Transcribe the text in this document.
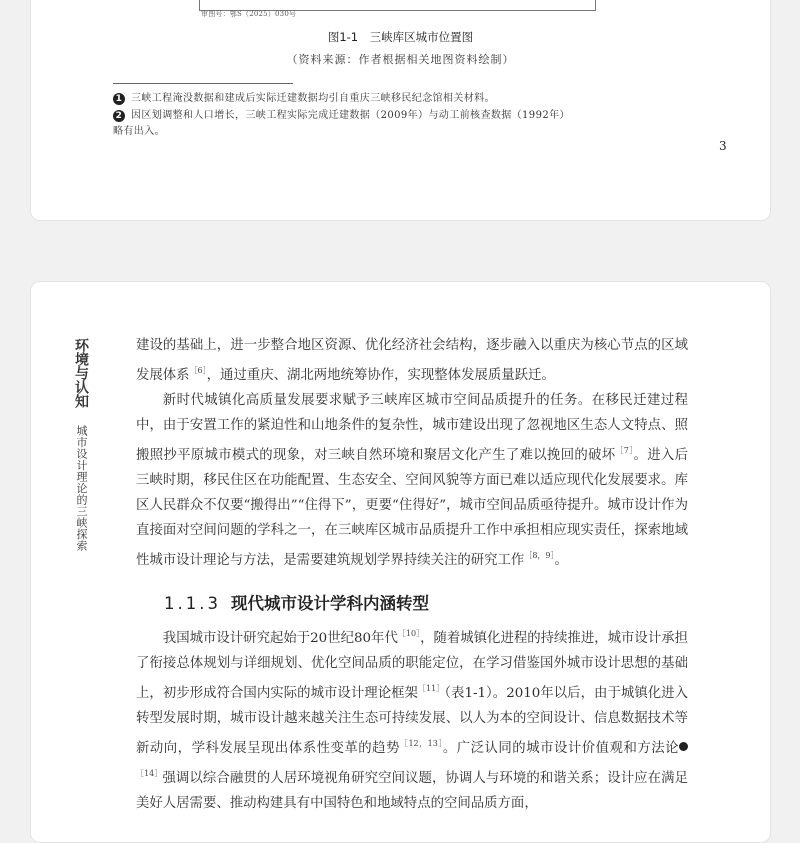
审图号：鄂S（2025）030号
图1-1　三峡库区城市位置图
（资料来源：作者根据相关地图资料绘制）
1 三峡工程淹没数据和建成后实际迁建数据均引自重庆三峡移民纪念馆相关材料。
2 因区划调整和人口增长，三峡工程实际完成迁建数据（2009年）与动工前核查数据（1992年）
略有出入。
3
环境与认知
城市设计理论的三峡探索

建设的基础上，进一步整合地区资源、优化经济社会结构，逐步融入以重庆为核心节点的区域发展体系$^{[6]}$，通过重庆、湖北两地统筹协作，实现整体发展质量跃迁。

新时代城镇化高质量发展要求赋予三峡库区城市空间品质提升的任务。在移民迁建过程中，由于安置工作的紧迫性和山地条件的复杂性，城市建设出现了忽视地区生态人文特点、照搬照抄平原城市模式的现象，对三峡自然环境和聚居文化产生了难以挽回的破坏$^{[7]}$。进入后三峡时期，移民住区在功能配置、生态安全、空间风貌等方面已难以适应现代化发展要求。库区人民群众不仅要“搬得出”“住得下”，更要“住得好”，城市空间品质亟待提升。城市设计作为直接面对空间问题的学科之一，在三峡库区城市品质提升工作中承担相应现实责任，探索地域性城市设计理论与方法，是需要建筑规划学界持续关注的研究工作$^{[8,9]}$。

1.1.3 现代城市设计学科内涵转型

我国城市设计研究起始于20世纪80年代$^{[10]}$，随着城镇化进程的持续推进，城市设计承担了衔接总体规划与详细规划、优化空间品质的职能定位，在学习借鉴国外城市设计思想的基础上，初步形成符合国内实际的城市设计理论框架$^{[11]}$（表1-1）。2010年以后，由于城镇化进入转型发展时期，城市设计越来越关注生态可持续发展、以人为本的空间设计、信息数据技术等新动向，学科发展呈现出体系性变革的趋势$^{[12,13]}$。广泛认同的城市设计价值观和方法论	1$^{[14]}$强调以综合融贯的人居环境视角研究空间议题，协调人与环境的和谐关系；设计应在满足美好人居需要、推动构建具有中国特色和地域特点的空间品质方面，
